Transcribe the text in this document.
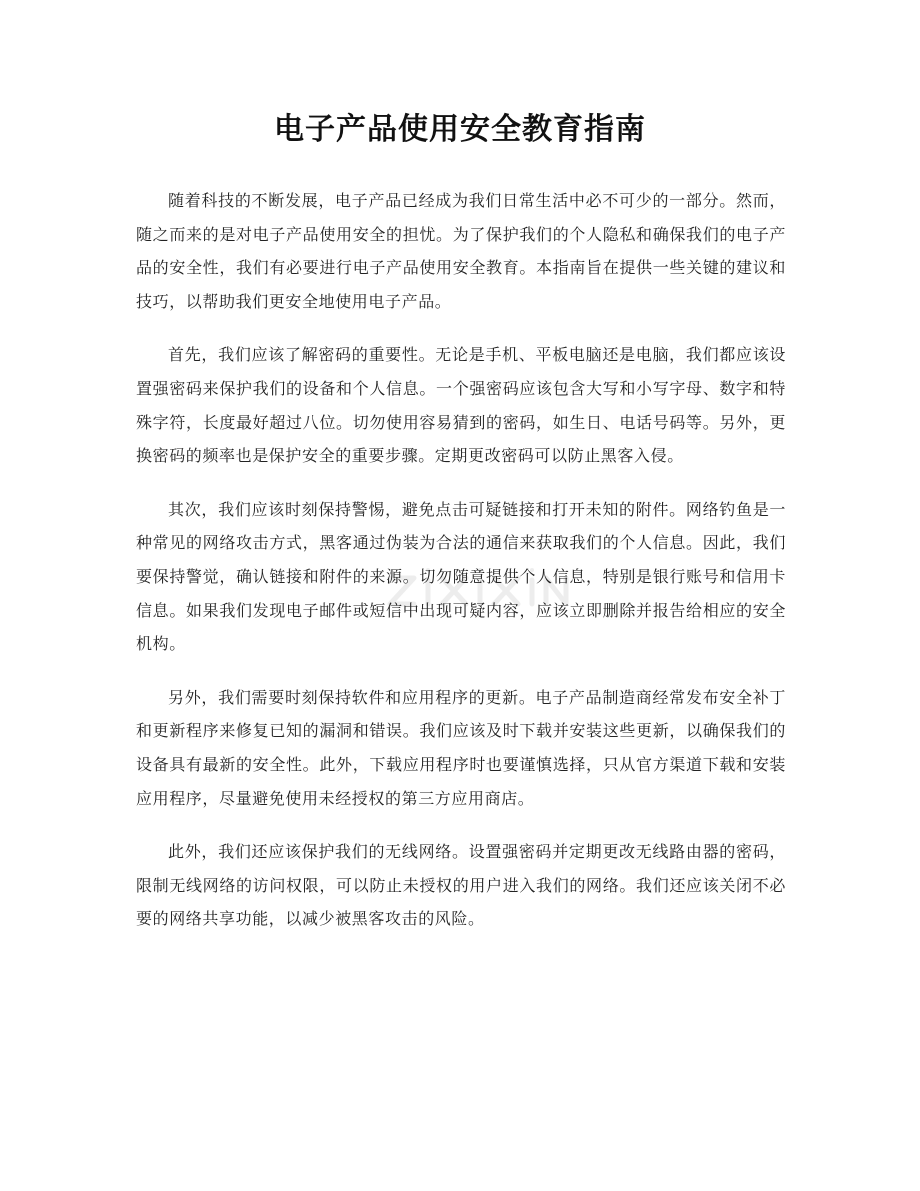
电子产品使用安全教育指南

随着科技的不断发展，电子产品已经成为我们日常生活中必不可少的一部分。然而，随之而来的是对电子产品使用安全的担忧。为了保护我们的个人隐私和确保我们的电子产品的安全性，我们有必要进行电子产品使用安全教育。本指南旨在提供一些关键的建议和技巧，以帮助我们更安全地使用电子产品。

首先，我们应该了解密码的重要性。无论是手机、平板电脑还是电脑，我们都应该设置强密码来保护我们的设备和个人信息。一个强密码应该包含大写和小写字母、数字和特殊字符，长度最好超过八位。切勿使用容易猜到的密码，如生日、电话号码等。另外，更换密码的频率也是保护安全的重要步骤。定期更改密码可以防止黑客入侵。

其次，我们应该时刻保持警惕，避免点击可疑链接和打开未知的附件。网络钓鱼是一种常见的网络攻击方式，黑客通过伪装为合法的通信来获取我们的个人信息。因此，我们要保持警觉，确认链接和附件的来源。切勿随意提供个人信息，特别是银行账号和信用卡信息。如果我们发现电子邮件或短信中出现可疑内容，应该立即删除并报告给相应的安全机构。

另外，我们需要时刻保持软件和应用程序的更新。电子产品制造商经常发布安全补丁和更新程序来修复已知的漏洞和错误。我们应该及时下载并安装这些更新，以确保我们的设备具有最新的安全性。此外，下载应用程序时也要谨慎选择，只从官方渠道下载和安装应用程序，尽量避免使用未经授权的第三方应用商店。

此外，我们还应该保护我们的无线网络。设置强密码并定期更改无线路由器的密码，限制无线网络的访问权限，可以防止未授权的用户进入我们的网络。我们还应该关闭不必要的网络共享功能，以减少被黑客攻击的风险。
